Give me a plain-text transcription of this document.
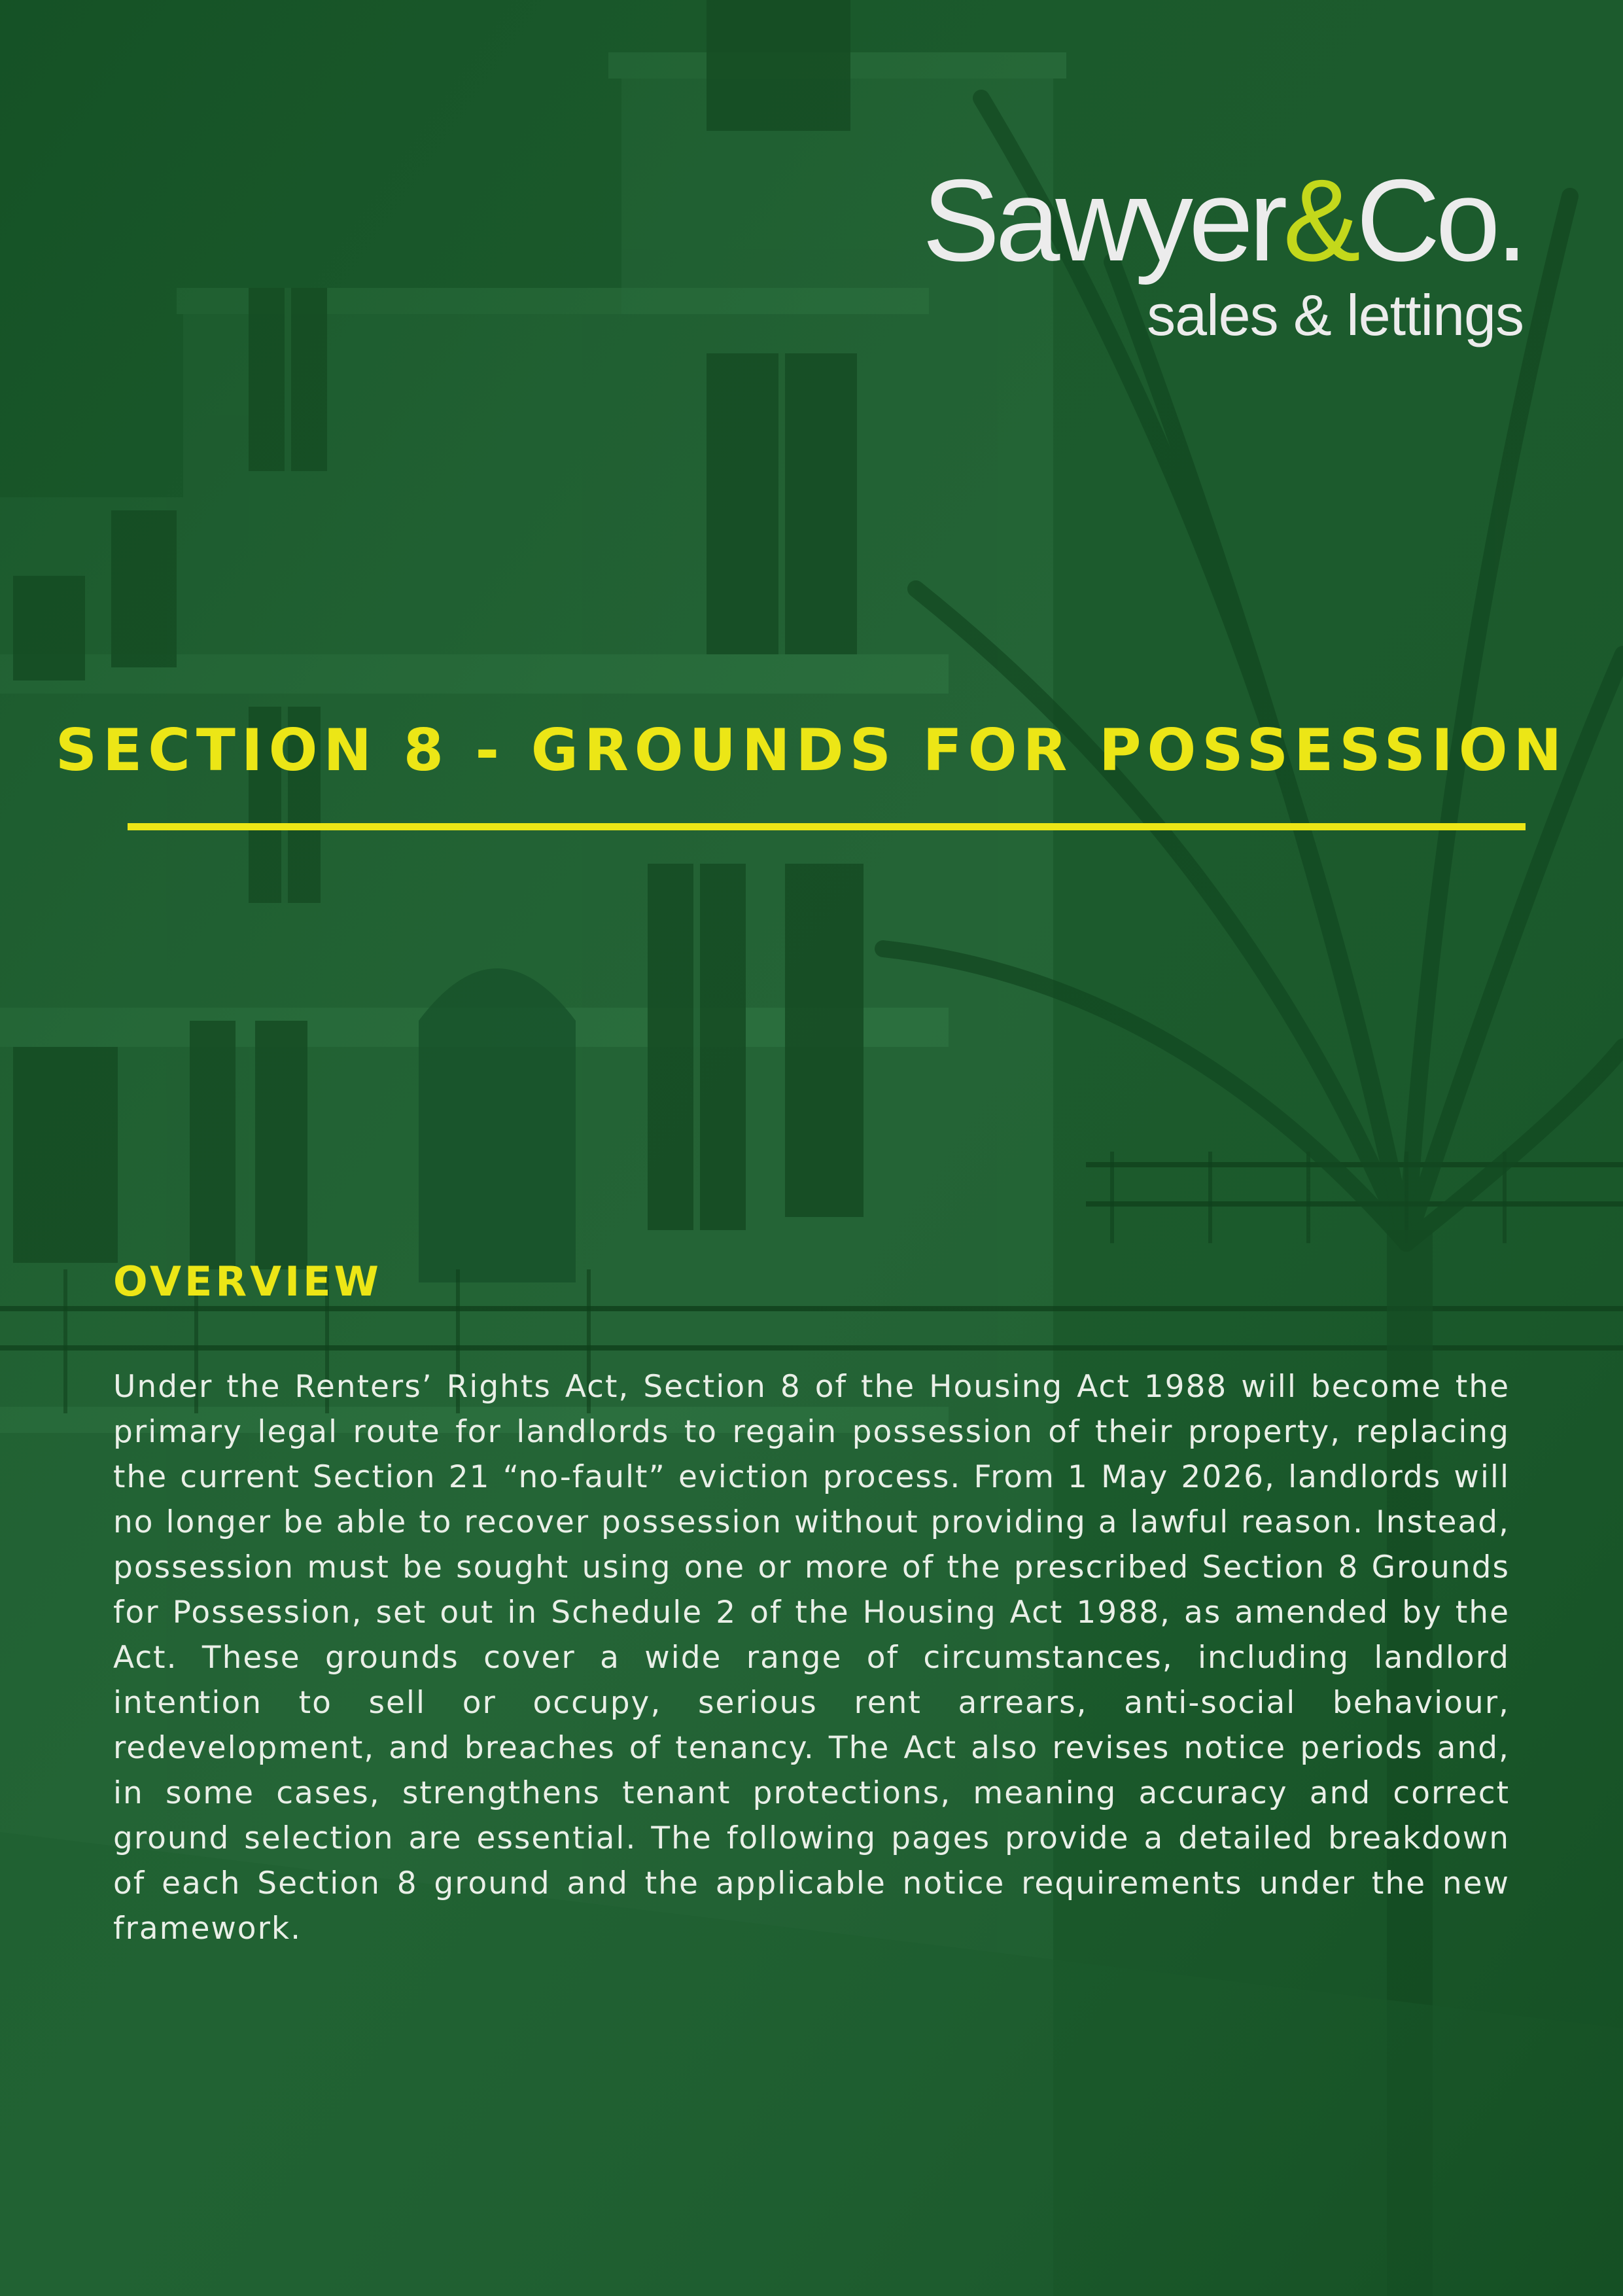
Sawyer&Co.
sales & lettings
SECTION 8 - GROUNDS FOR POSSESSION
OVERVIEW

Under the Renters’ Rights Act, Section 8 of the Housing Act 1988 will become the primary legal route for landlords to regain possession of their property, replacing the current Section 21 “no-fault” eviction process. From 1 May 2026, landlords will no longer be able to recover possession without providing a lawful reason. Instead, possession must be sought using one or more of the prescribed Section 8 Grounds for Possession, set out in Schedule 2 of the Housing Act 1988, as amended by the Act. These grounds cover a wide range of circumstances, including landlord intention to sell or occupy, serious rent arrears, anti-social behaviour, redevelopment, and breaches of tenancy. The Act also revises notice periods and, in some cases, strengthens tenant protections, meaning accuracy and correct ground selection are essential. The following pages provide a detailed breakdown of each Section 8 ground and the applicable notice requirements under the new framework.
